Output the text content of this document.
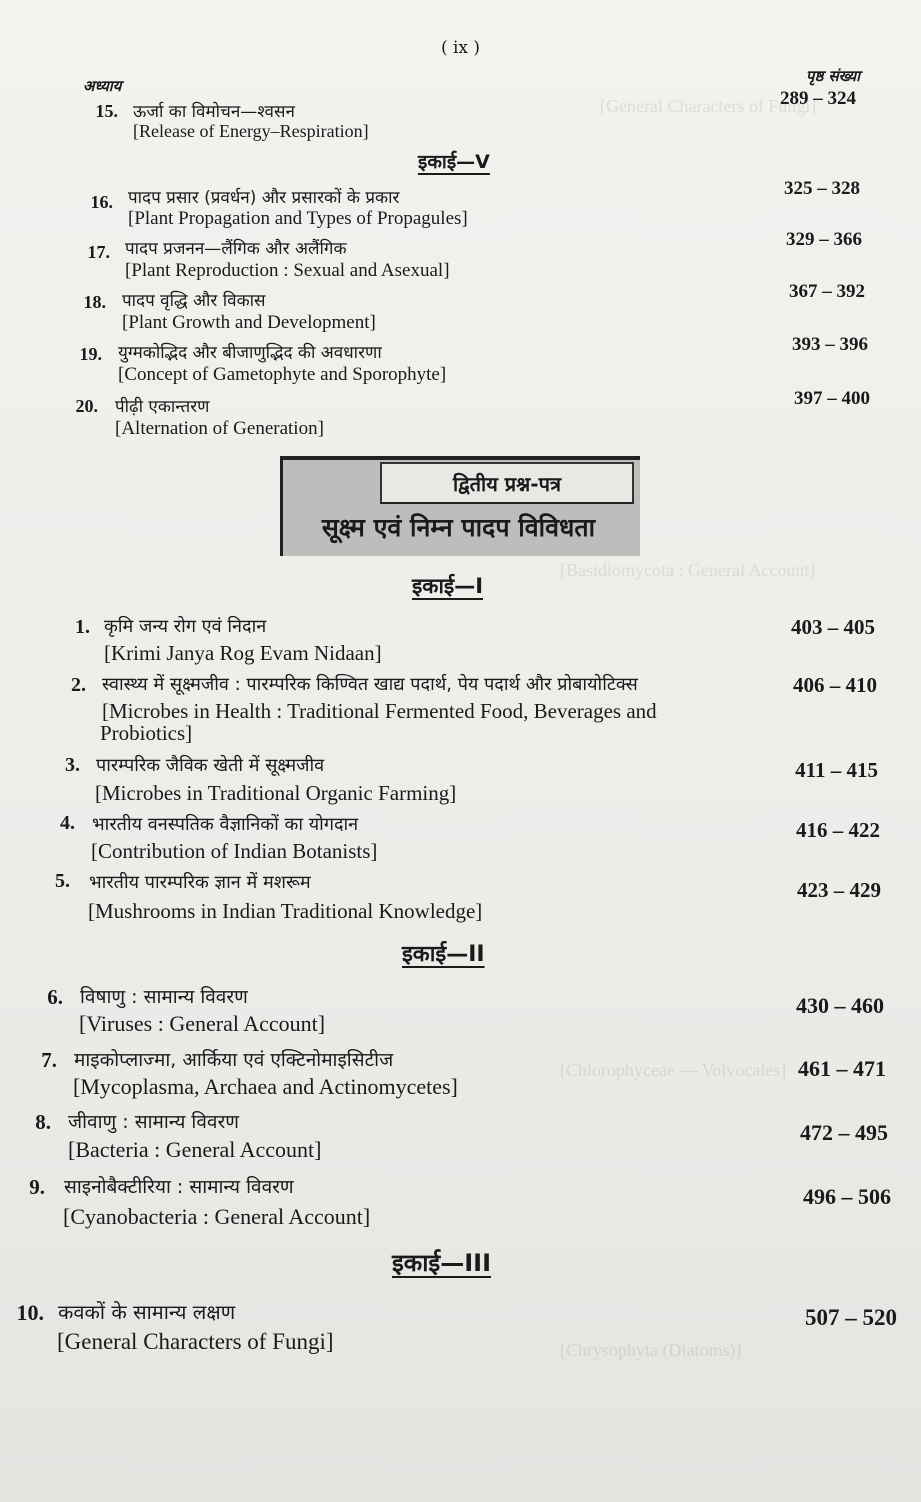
[General Characters of Fungi]
[Basidiomycota : General Account]
[Chlorophyceae — Volvocales]
[Chrysophyta (Diatoms)]
( ix )
अध्याय
पृष्ठ संख्या
15. ऊर्जा का विमोचन—श्वसन
[Release of Energy–Respiration]
289 – 324
इकाई—V
16. पादप प्रसार (प्रवर्धन) और प्रसारकों के प्रकार
[Plant Propagation and Types of Propagules]
325 – 328
17. पादप प्रजनन—लैंगिक और अलैंगिक
[Plant Reproduction : Sexual and Asexual]
329 – 366
18. पादप वृद्धि और विकास
[Plant Growth and Development]
367 – 392
19. युग्मकोद्भिद और बीजाणुद्भिद की अवधारणा
[Concept of Gametophyte and Sporophyte]
393 – 396
20. पीढ़ी एकान्तरण
[Alternation of Generation]
397 – 400
द्वितीय प्रश्न-पत्र
सूक्ष्म एवं निम्न पादप विविधता
इकाई—I
1. कृमि जन्य रोग एवं निदान
[Krimi Janya Rog Evam Nidaan]
403 – 405
2. स्वास्थ्य में सूक्ष्मजीव : पारम्परिक किण्वित खाद्य पदार्थ, पेय पदार्थ और प्रोबायोटिक्स
[Microbes in Health : Traditional Fermented Food, Beverages and
Probiotics]
406 – 410
3. पारम्परिक जैविक खेती में सूक्ष्मजीव
[Microbes in Traditional Organic Farming]
411 – 415
4. भारतीय वनस्पतिक वैज्ञानिकों का योगदान
[Contribution of Indian Botanists]
416 – 422
5. भारतीय पारम्परिक ज्ञान में मशरूम
[Mushrooms in Indian Traditional Knowledge]
423 – 429
इकाई—II
6. विषाणु : सामान्य विवरण
[Viruses : General Account]
430 – 460
7. माइकोप्लाज्मा, आर्किया एवं एक्टिनोमाइसिटीज
[Mycoplasma, Archaea and Actinomycetes]
461 – 471
8. जीवाणु : सामान्य विवरण
[Bacteria : General Account]
472 – 495
9. साइनोबैक्टीरिया : सामान्य विवरण
[Cyanobacteria : General Account]
496 – 506
इकाई—III
10. कवकों के सामान्य लक्षण
[General Characters of Fungi]
507 – 520
